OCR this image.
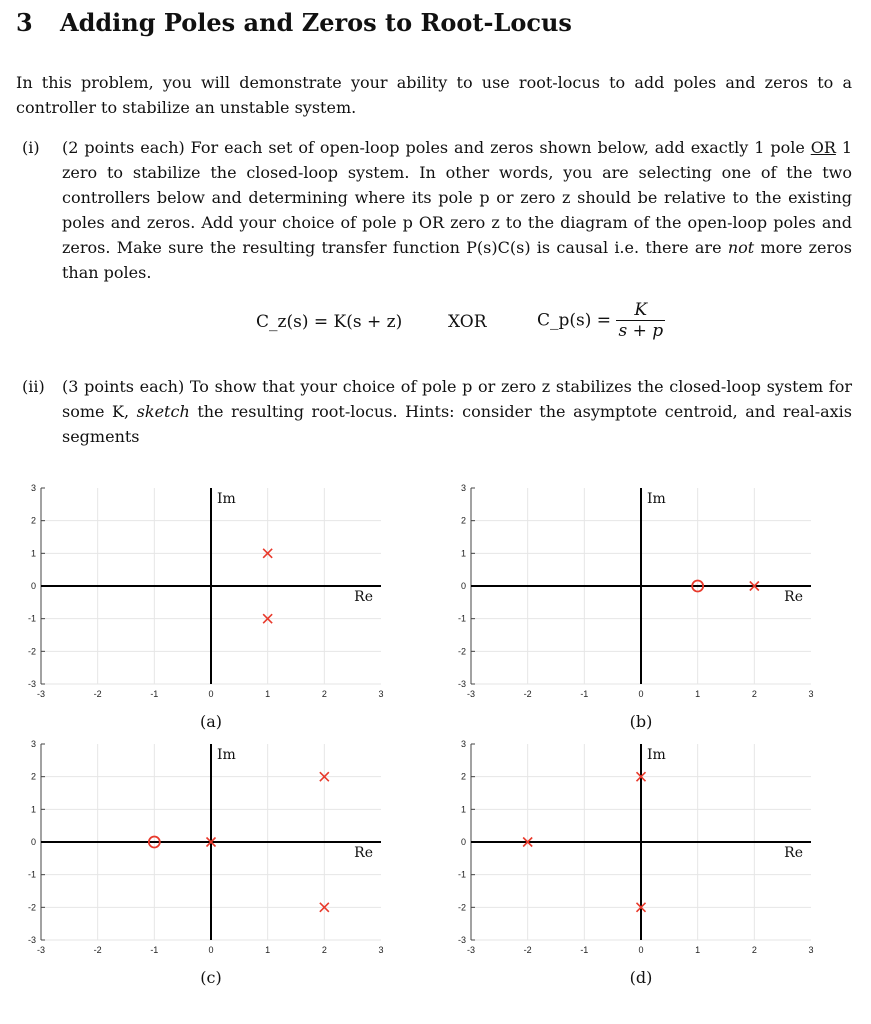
3 Adding Poles and Zeros to Root-Locus
In this problem, you will demonstrate your ability to use root-locus to add poles and zeros to a controller to stabilize an unstable system.
(i) (2 points each) For each set of open-loop poles and zeros shown below, add exactly 1 pole OR 1 zero to stabilize the closed-loop system. In other words, you are selecting one of the two controllers below and determining where its pole p or zero z should be relative to the existing poles and zeros. Add your choice of pole p OR zero z to the diagram of the open-loop poles and zeros. Make sure the resulting transfer function P(s)C(s) is causal i.e. there are not more zeros than poles.
C_z(s) = K(s + z)	XOR	C_p(s) = $\frac{K}{s + p}$
(ii) (3 points each) To show that your choice of pole p or zero z stabilizes the closed-loop system for some K, sketch the resulting root-locus. Hints: consider the asymptote centroid, and real-axis segments
3
2
1
0
-1
-2
-3
-3	-2	-1	0	1	2	3
Im
Re
(a)
3
2
1
0
-1
-2
-3
-3	-2	-1	0	1	2	3
Im
Re
(b)
3
2
1
0
-1
-2
-3
-3	-2	-1	0	1	2	3
Im
Re
(c)
3
2
1
0
-1
-2
-3
-3	-2	-1	0	1	2	3
Im
Re
(d)
